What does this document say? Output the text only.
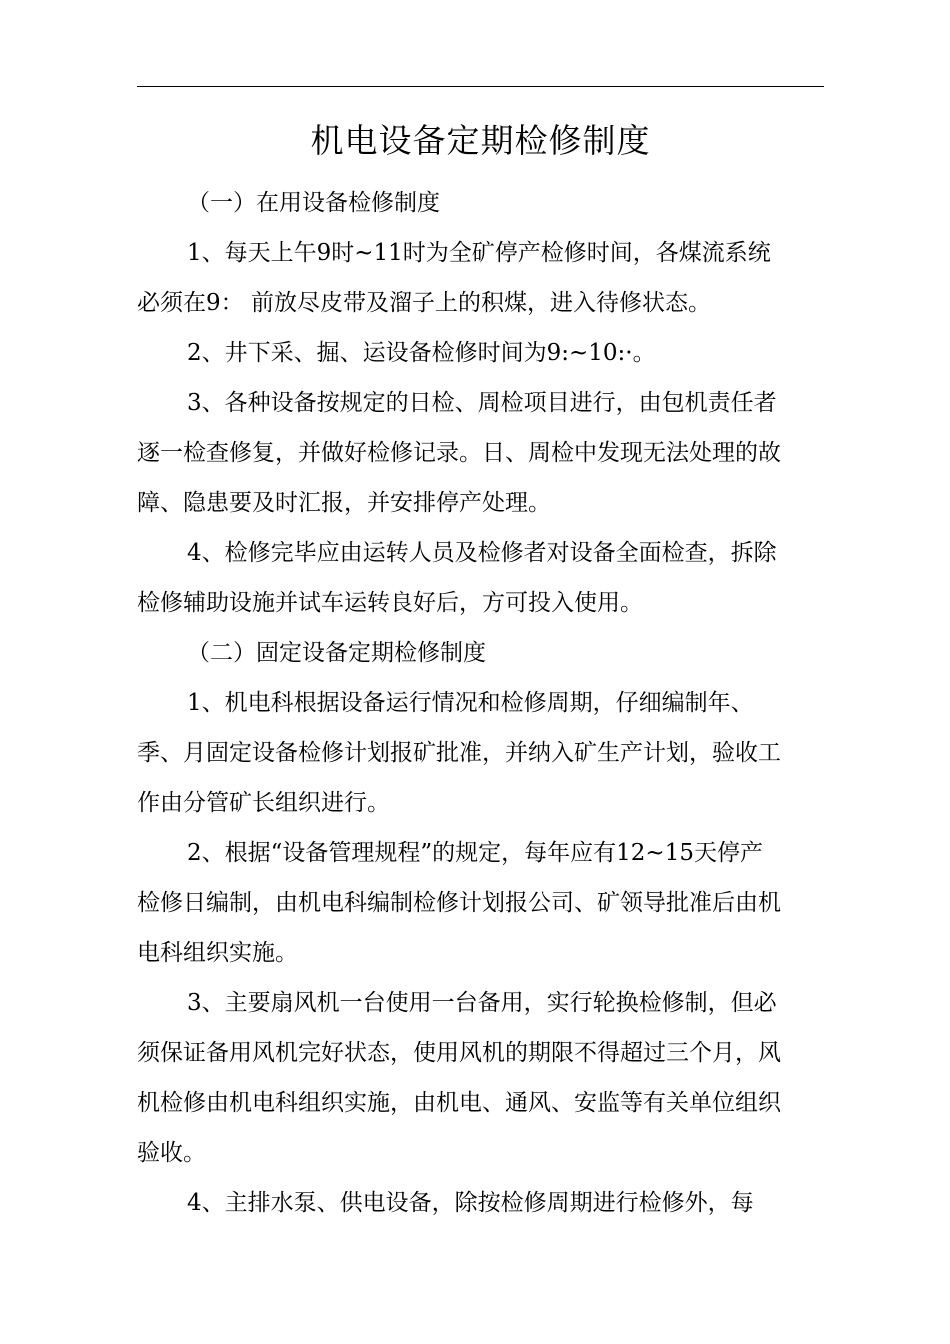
机电设备定期检修制度
（一）在用设备检修制度
1、每天上午9时~11时为全矿停产检修时间，各煤流系统
必须在9： 前放尽皮带及溜子上的积煤，进入待修状态。
2、井下采、掘、运设备检修时间为9:~10:·。
3、各种设备按规定的日检、周检项目进行，由包机责任者
逐一检查修复，并做好检修记录。日、周检中发现无法处理的故
障、隐患要及时汇报，并安排停产处理。
4、检修完毕应由运转人员及检修者对设备全面检查，拆除
检修辅助设施并试车运转良好后，方可投入使用。
（二）固定设备定期检修制度
1、机电科根据设备运行情况和检修周期，仔细编制年、
季、月固定设备检修计划报矿批准，并纳入矿生产计划，验收工
作由分管矿长组织进行。
2、根据“设备管理规程”的规定，每年应有12~15天停产
检修日编制，由机电科编制检修计划报公司、矿领导批准后由机
电科组织实施。
3、主要扇风机一台使用一台备用，实行轮换检修制，但必
须保证备用风机完好状态，使用风机的期限不得超过三个月，风
机检修由机电科组织实施，由机电、通风、安监等有关单位组织
验收。
4、主排水泵、供电设备，除按检修周期进行检修外，每
